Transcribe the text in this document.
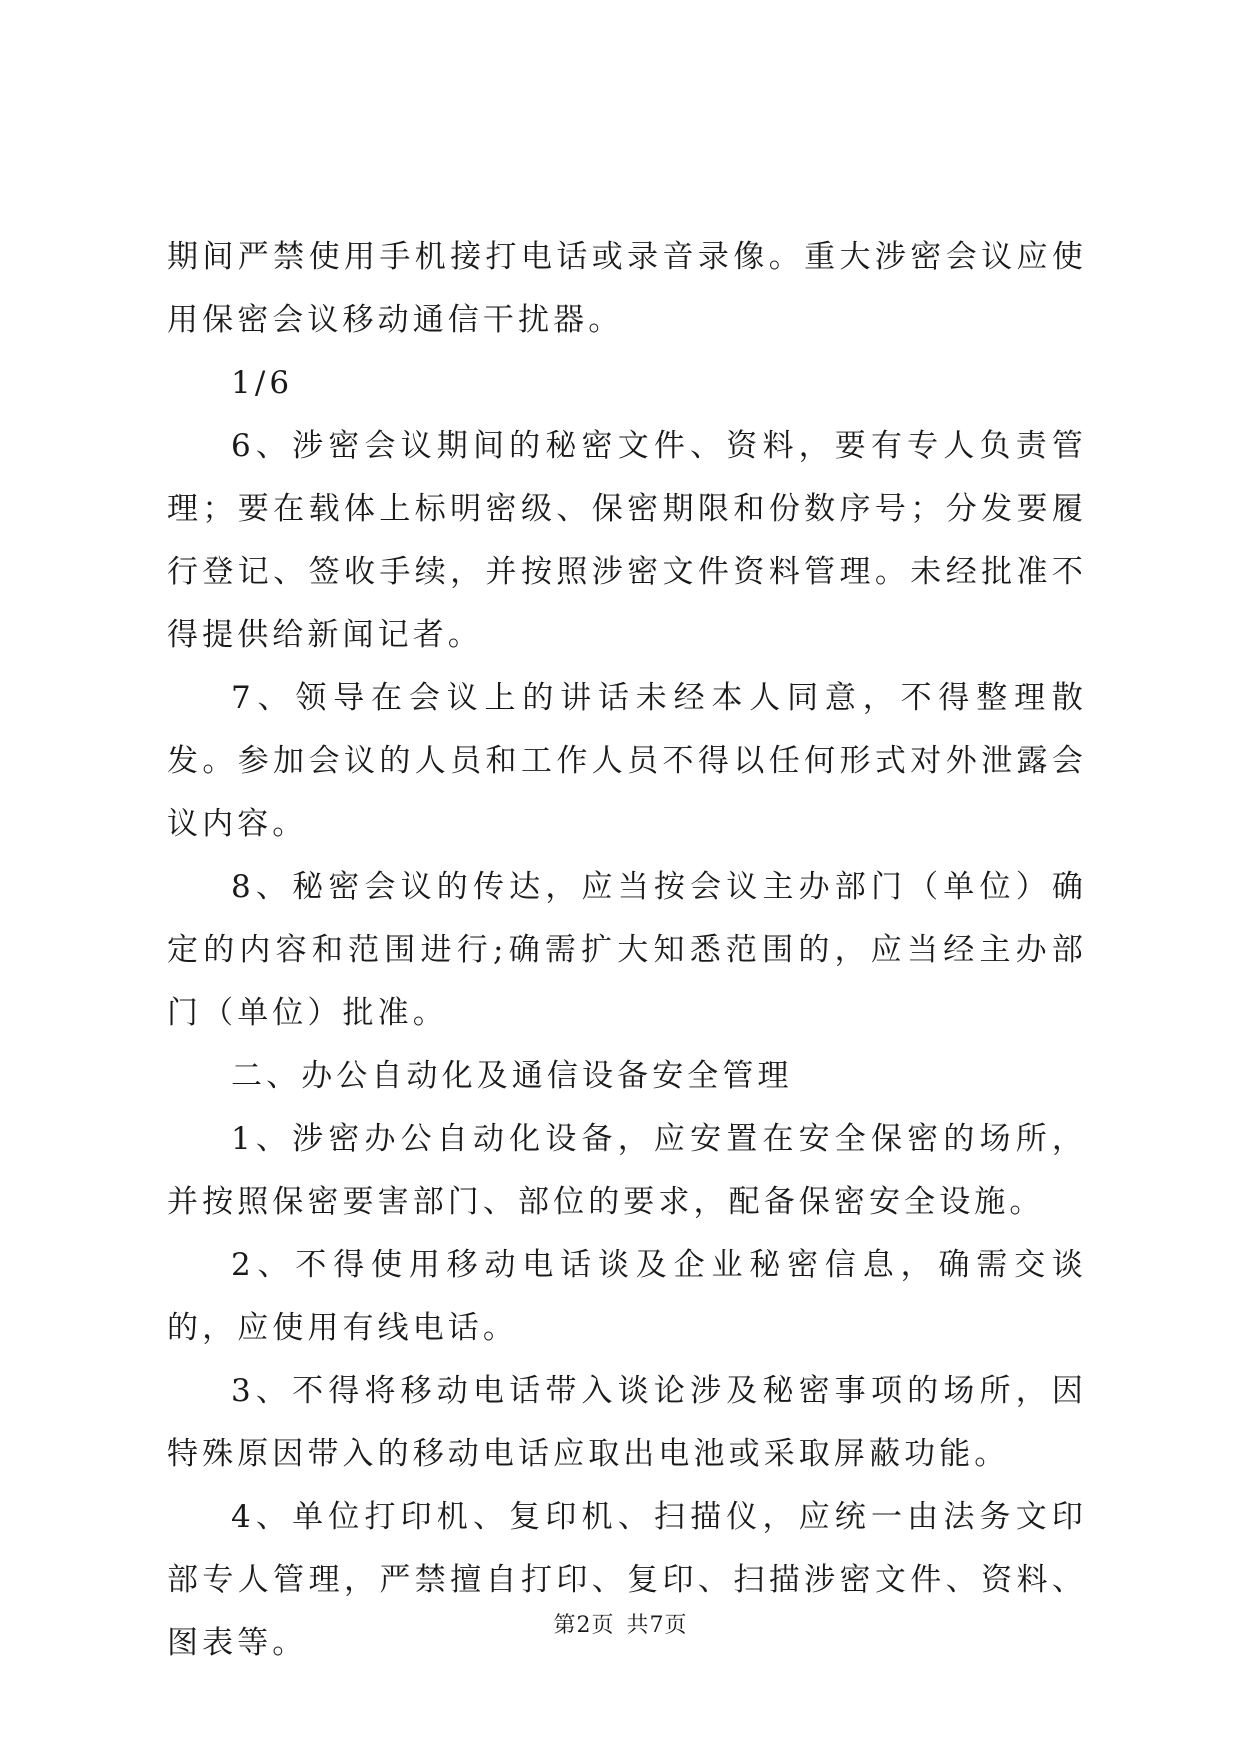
期间严禁使用手机接打电话或录音录像。重大涉密会议应使用保密会议移动通信干扰器。

1/6

6、涉密会议期间的秘密文件、资料，要有专人负责管理；要在载体上标明密级、保密期限和份数序号；分发要履行登记、签收手续，并按照涉密文件资料管理。未经批准不得提供给新闻记者。

7、领导在会议上的讲话未经本人同意，不得整理散发。参加会议的人员和工作人员不得以任何形式对外泄露会议内容。

8、秘密会议的传达，应当按会议主办部门（单位）确定的内容和范围进行;确需扩大知悉范围的，应当经主办部门（单位）批准。

二、办公自动化及通信设备安全管理

1、涉密办公自动化设备，应安置在安全保密的场所，并按照保密要害部门、部位的要求，配备保密安全设施。

2、不得使用移动电话谈及企业秘密信息，确需交谈的，应使用有线电话。

3、不得将移动电话带入谈论涉及秘密事项的场所，因特殊原因带入的移动电话应取出电池或采取屏蔽功能。

4、单位打印机、复印机、扫描仪，应统一由法务文印部专人管理，严禁擅自打印、复印、扫描涉密文件、资料、图表等。	第2页 共7页
